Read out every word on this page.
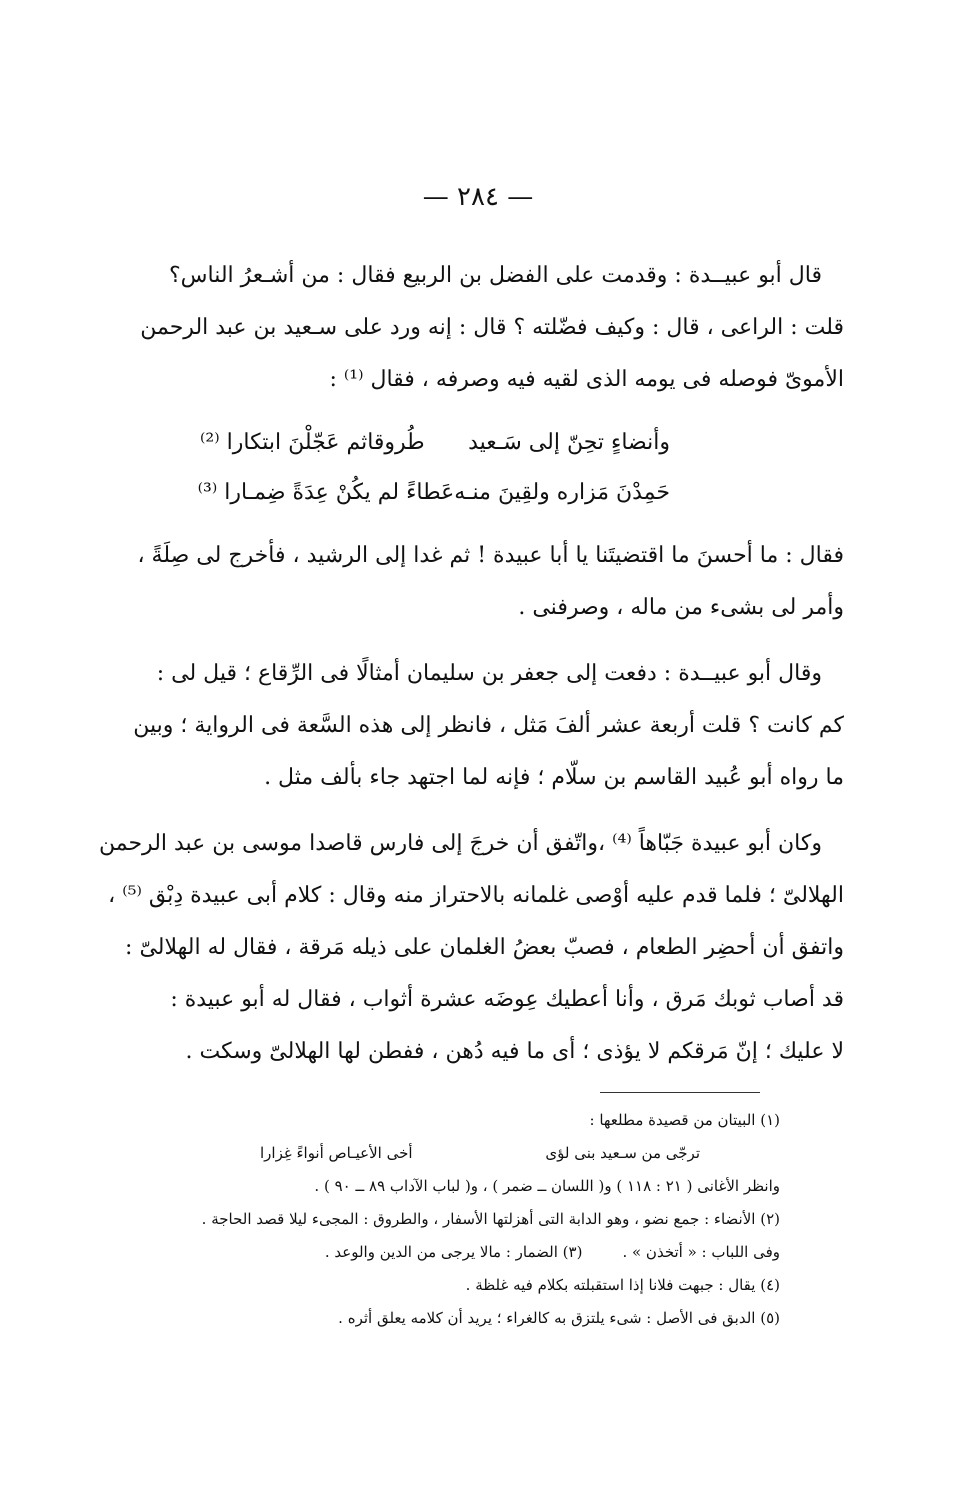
— ٢٨٤ —
قال أبو عبيــدة : وقدمت على الفضل بن الربيع فقال : من أشـعرُ الناس؟
قلت : الراعى ، قال : وكيف فضّلته ؟ قال : إنه ورد على سـعيد بن عبد الرحمن
الأموىّ فوصله فى يومه الذى لقيه فيه وصرفه ، فقال ⁽¹⁾ :
وأنضاءٍ تحِنّ إلى سَـعيد
طُروقاثم عَجّلْنَ ابتكارا ⁽²⁾
حَمِدْنَ مَزاره ولقِينَ منـه
عَطاءً لم يكُنْ عِدَةً ضِمـارا ⁽³⁾
فقال : ما أحسنَ ما اقتضيتَنا يا أبا عبيدة ! ثم غدا إلى الرشيد ، فأخرج لى صِلَةً ،
وأمر لى بشىء من ماله ، وصرفنى .
وقال أبو عبيــدة : دفعت إلى جعفر بن سليمان أمثالًا فى الرِّقاع ؛ قيل لى :
كم كانت ؟ قلت أربعة عشر ألفَ مَثل ، فانظر إلى هذه السَّعة فى الرواية ؛ وبين
ما رواه أبو عُبيد القاسم بن سلّام ؛ فإنه لما اجتهد جاء بألف مثل .
وكان أبو عبيدة جَبّاهاً ⁽⁴⁾ ،واتّفق أن خرجَ إلى فارس قاصدا موسى بن عبد الرحمن
الهلالىّ ؛ فلما قدم عليه أوْصى غلمانه بالاحتراز منه وقال : كلام أبى عبيدة دِبْق ⁽⁵⁾ ،
واتفق أن أحضِر الطعام ، فصبّ بعضُ الغلمان على ذيله مَرقة ، فقال له الهلالىّ :
قد أصاب ثوبك مَرق ، وأنا أعطيك عِوضَه عشرة أثواب ، فقال له أبو عبيدة :
لا عليك ؛ إنّ مَرقكم لا يؤذى ؛ أى ما فيه دُهن ، ففطن لها الهلالىّ وسكت .
(١) البيتان من قصيدة مطلعها :
ترجّى من سـعيد بنى لؤى
أخى الأعيـاص أنواءً غِزارا
وانظر الأغانى ( ٢١ : ١١٨ ) و( اللسان ــ ضمر ) ، و( لباب الآداب ٨٩ ــ ٩٠ ) .
(٢) الأنضاء : جمع نضو ، وهو الدابة التى أهزلتها الأسفار ، والطروق : المجىء ليلا قصد الحاجة .
وفى اللباب : « أتخذن » .
(٣) الضمار : مالا يرجى من الدين والوعد .
(٤) يقال : جبهت فلانا إذا استقبلته بكلام فيه غلظة .
(٥) الدبق فى الأصل : شىء يلتزق به كالغراء ؛ يريد أن كلامه يعلق أثره .
